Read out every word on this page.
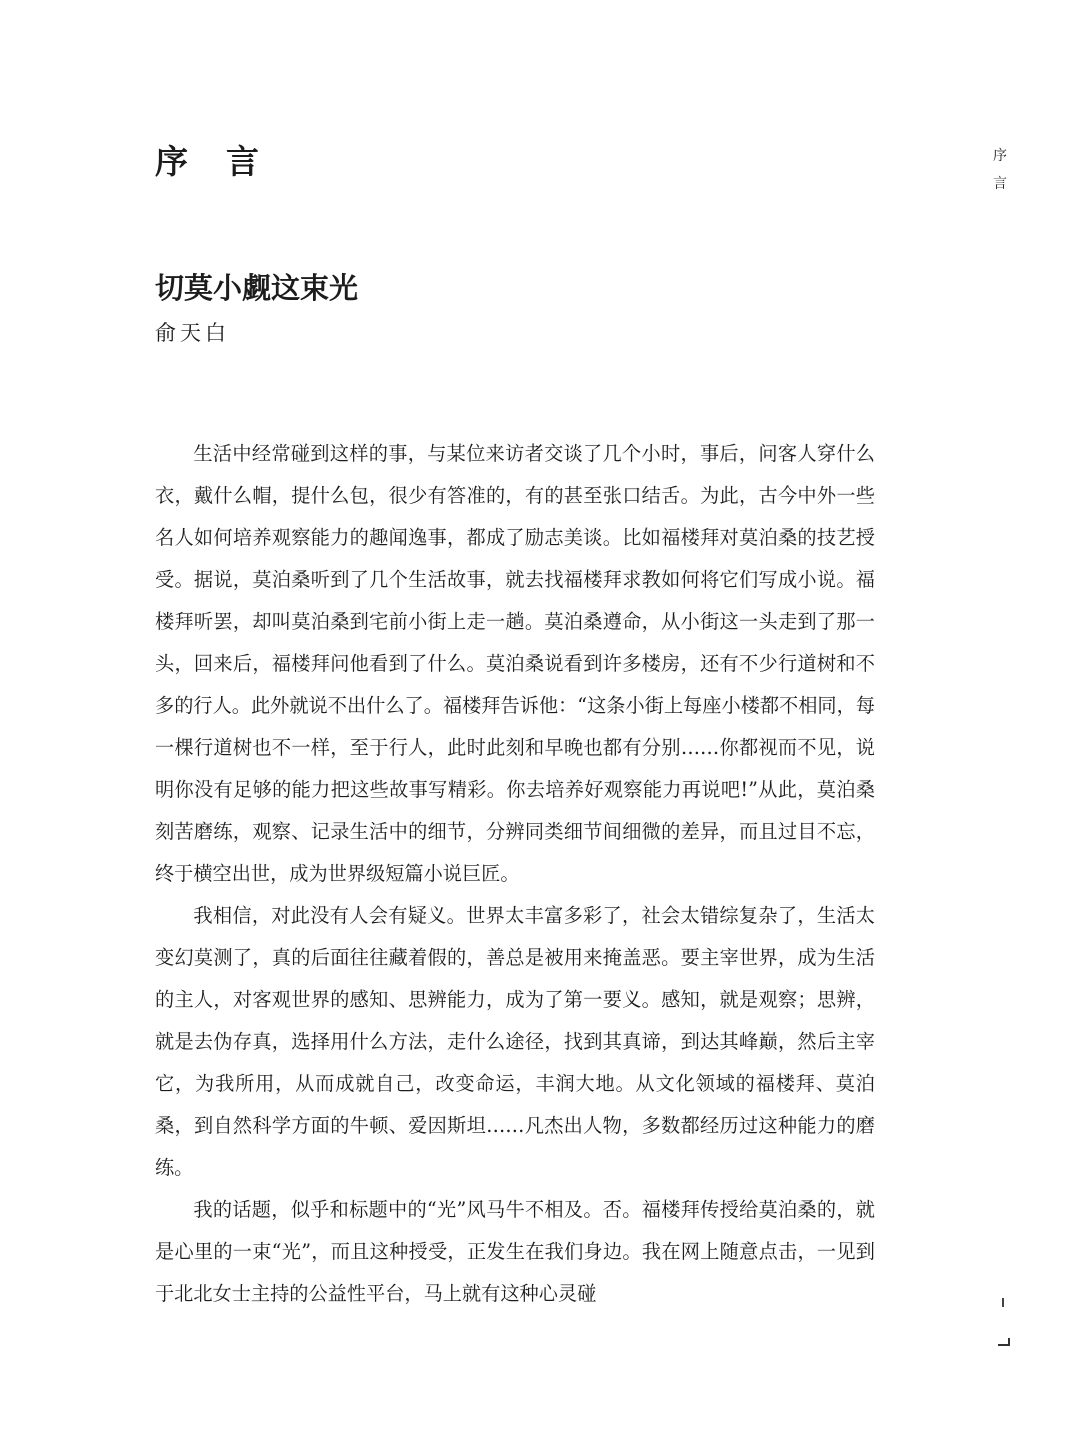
序言	序
言
切莫小觑这束光
俞天白

生活中经常碰到这样的事，与某位来访者交谈了几个小时，事后，问客人穿什么衣，戴什么帽，提什么包，很少有答准的，有的甚至张口结舌。为此，古今中外一些名人如何培养观察能力的趣闻逸事，都成了励志美谈。比如福楼拜对莫泊桑的技艺授受。据说，莫泊桑听到了几个生活故事，就去找福楼拜求教如何将它们写成小说。福楼拜听罢，却叫莫泊桑到宅前小街上走一趟。莫泊桑遵命，从小街这一头走到了那一头，回来后，福楼拜问他看到了什么。莫泊桑说看到许多楼房，还有不少行道树和不多的行人。此外就说不出什么了。福楼拜告诉他：“这条小街上每座小楼都不相同，每一棵行道树也不一样，至于行人，此时此刻和早晚也都有分别……你都视而不见，说明你没有足够的能力把这些故事写精彩。你去培养好观察能力再说吧!”从此，莫泊桑刻苦磨练，观察、记录生活中的细节，分辨同类细节间细微的差异，而且过目不忘，终于横空出世，成为世界级短篇小说巨匠。

我相信，对此没有人会有疑义。世界太丰富多彩了，社会太错综复杂了，生活太变幻莫测了，真的后面往往藏着假的，善总是被用来掩盖恶。要主宰世界，成为生活的主人，对客观世界的感知、思辨能力，成为了第一要义。感知，就是观察；思辨，就是去伪存真，选择用什么方法，走什么途径，找到其真谛，到达其峰巅，然后主宰它，为我所用，从而成就自己，改变命运，丰润大地。从文化领域的福楼拜、莫泊桑，到自然科学方面的牛顿、爱因斯坦……凡杰出人物，多数都经历过这种能力的磨练。

我的话题，似乎和标题中的“光”风马牛不相及。否。福楼拜传授给莫泊桑的，就是心里的一束“光”，而且这种授受，正发生在我们身边。我在网上随意点击，一见到于北北女士主持的公益性平台，马上就有这种心灵碰
